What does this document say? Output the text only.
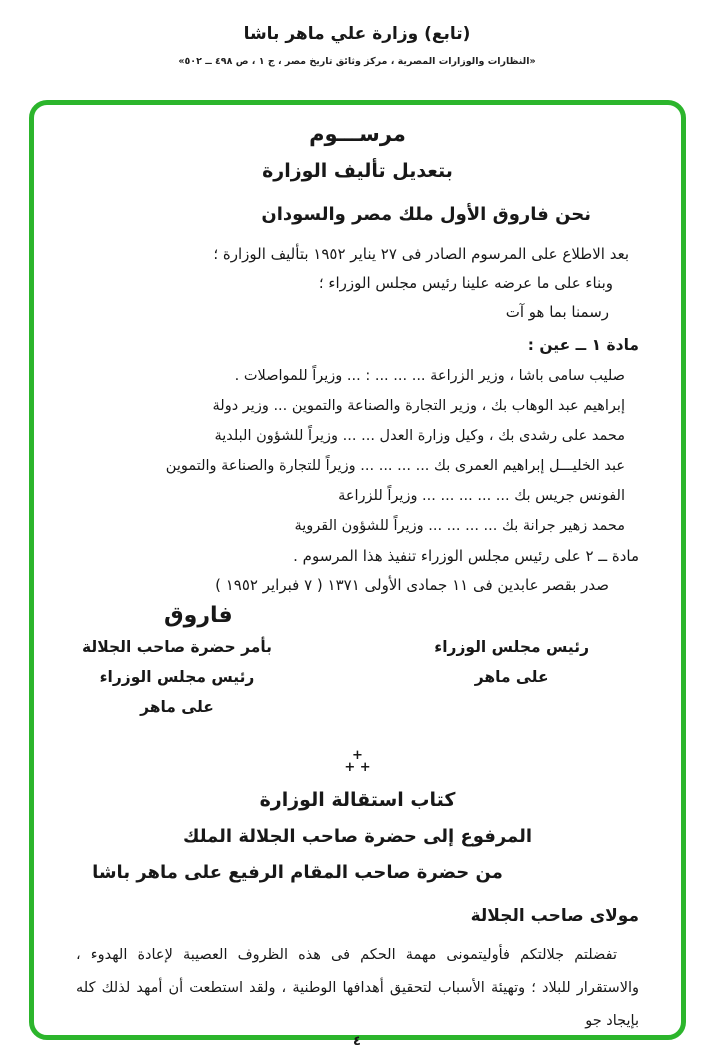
(تابع) وزارة علي ماهر باشا
«النظارات والوزارات المصرية ، مركز وثائق تاريخ مصر ، ج ١ ، ص ٤٩٨ ــ ٥٠٢»
مرســـوم
بتعديل تأليف الوزارة
نحن فاروق الأول ملك مصر والسودان
بعد الاطلاع على المرسوم الصادر فى ٢٧ يناير ١٩٥٢ بتأليف الوزارة ؛
وبناء على ما عرضه علينا رئيس مجلس الوزراء ؛
رسمنا بما هو آت
مادة ١ ــ عين :
صليب سامى باشا ، وزير الزراعة ... ... ... : ... وزيراً للمواصلات .
إبراهيم عبد الوهاب بك ، وزير التجارة والصناعة والتموين ... وزير دولة
محمد على رشدى بك ، وكيل وزارة العدل ... ... وزيراً للشؤون البلدية
عبد الخليـــل إبراهيم العمرى بك ... ... ... ... وزيراً للتجارة والصناعة والتموين
الفونس جريس بك ... ... ... ... ... وزيراً للزراعة
محمد زهير جرانة بك ... ... ... ... وزيراً للشؤون القروية
مادة ــ ٢ على رئيس مجلس الوزراء تنفيذ هذا المرسوم .
صدر بقصر عابدين فى ١١ جمادى الأولى ١٣٧١ ( ٧ فبراير ١٩٥٢ )
فاروق
رئيس مجلس الوزراء
على ماهر
بأمر حضرة صاحب الجلالة
رئيس مجلس الوزراء
على ماهر
+
+ +
كتاب استقالة الوزارة
المرفوع إلى حضرة صاحب الجلالة الملك
من حضرة صاحب المقام الرفيع على ماهر باشا
مولاى صاحب الجلالة
تفضلتم جلالتكم فأوليتمونى مهمة الحكم فى هذه الظروف العصيبة لإعادة الهدوء ، والاستقرار للبلاد ؛ وتهيئة الأسباب لتحقيق أهدافها الوطنية ، ولقد استطعت أن أمهد لذلك كله بإيجاد جو
٤
